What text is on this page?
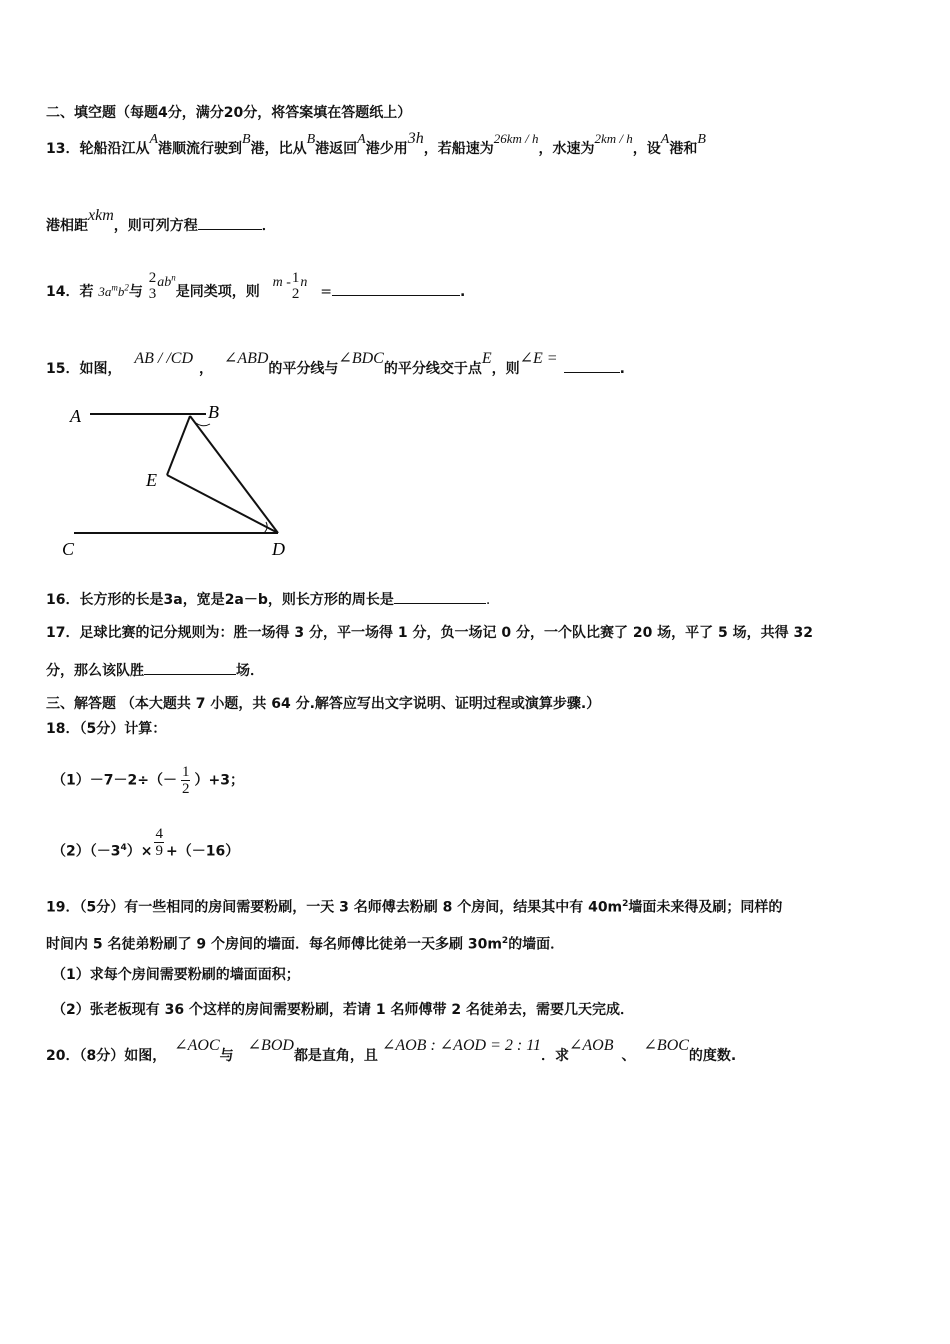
二、填空题（每题4分，满分20分，将答案填在答题纸上）
13．轮船沿江从A港顺流行驶到B港，比从B港返回A港少用3h，若船速为26km / h，水速为2km / h，设A港和B
港相距xkm，则可列方程	．
14．若 $3a^mb^2$与
2
3
$ab^n$是同类项，则 m - 1
2
n =	.
15．如图， AB / /CD， ∠ABD的平分线与∠BDC的平分线交于点E，则∠E =.
A	B
E
C	D
16．长方形的长是3a，宽是2a－b，则长方形的周长是	.
17．足球比赛的记分规则为：胜一场得 3 分，平一场得 1 分，负一场记 0 分，一个队比赛了 20 场，平了 5 场，共得 32
分，那么该队胜	场．
三、解答题 （本大题共 7 小题，共 64 分.解答应写出文字说明、证明过程或演算步骤.）
18．（5分）计算：
$(1)-7-2\div(- \frac{1}{2} )+3$；
$(2)(-3^4)\times \frac{4}{9} +(-16)$
19．（5分）有一些相同的房间需要粉刷，一天 3 名师傅去粉刷 8 个房间，结果其中有 $40m^2$墙面未来得及刷；同样的
时间内 5 名徒弟粉刷了 9 个房间的墙面．每名师傅比徒弟一天多刷 $30m^2$的墙面．
（1）求每个房间需要粉刷的墙面面积；
（2）张老板现有 36 个这样的房间需要粉刷，若请 1 名师傅带 2 名徒弟去，需要几天完成．
20．（8分）如图，∠AOC与∠BOD都是直角，且∠AOB : ∠AOD = 2 : 11．求∠AOB、∠BOC的度数.
